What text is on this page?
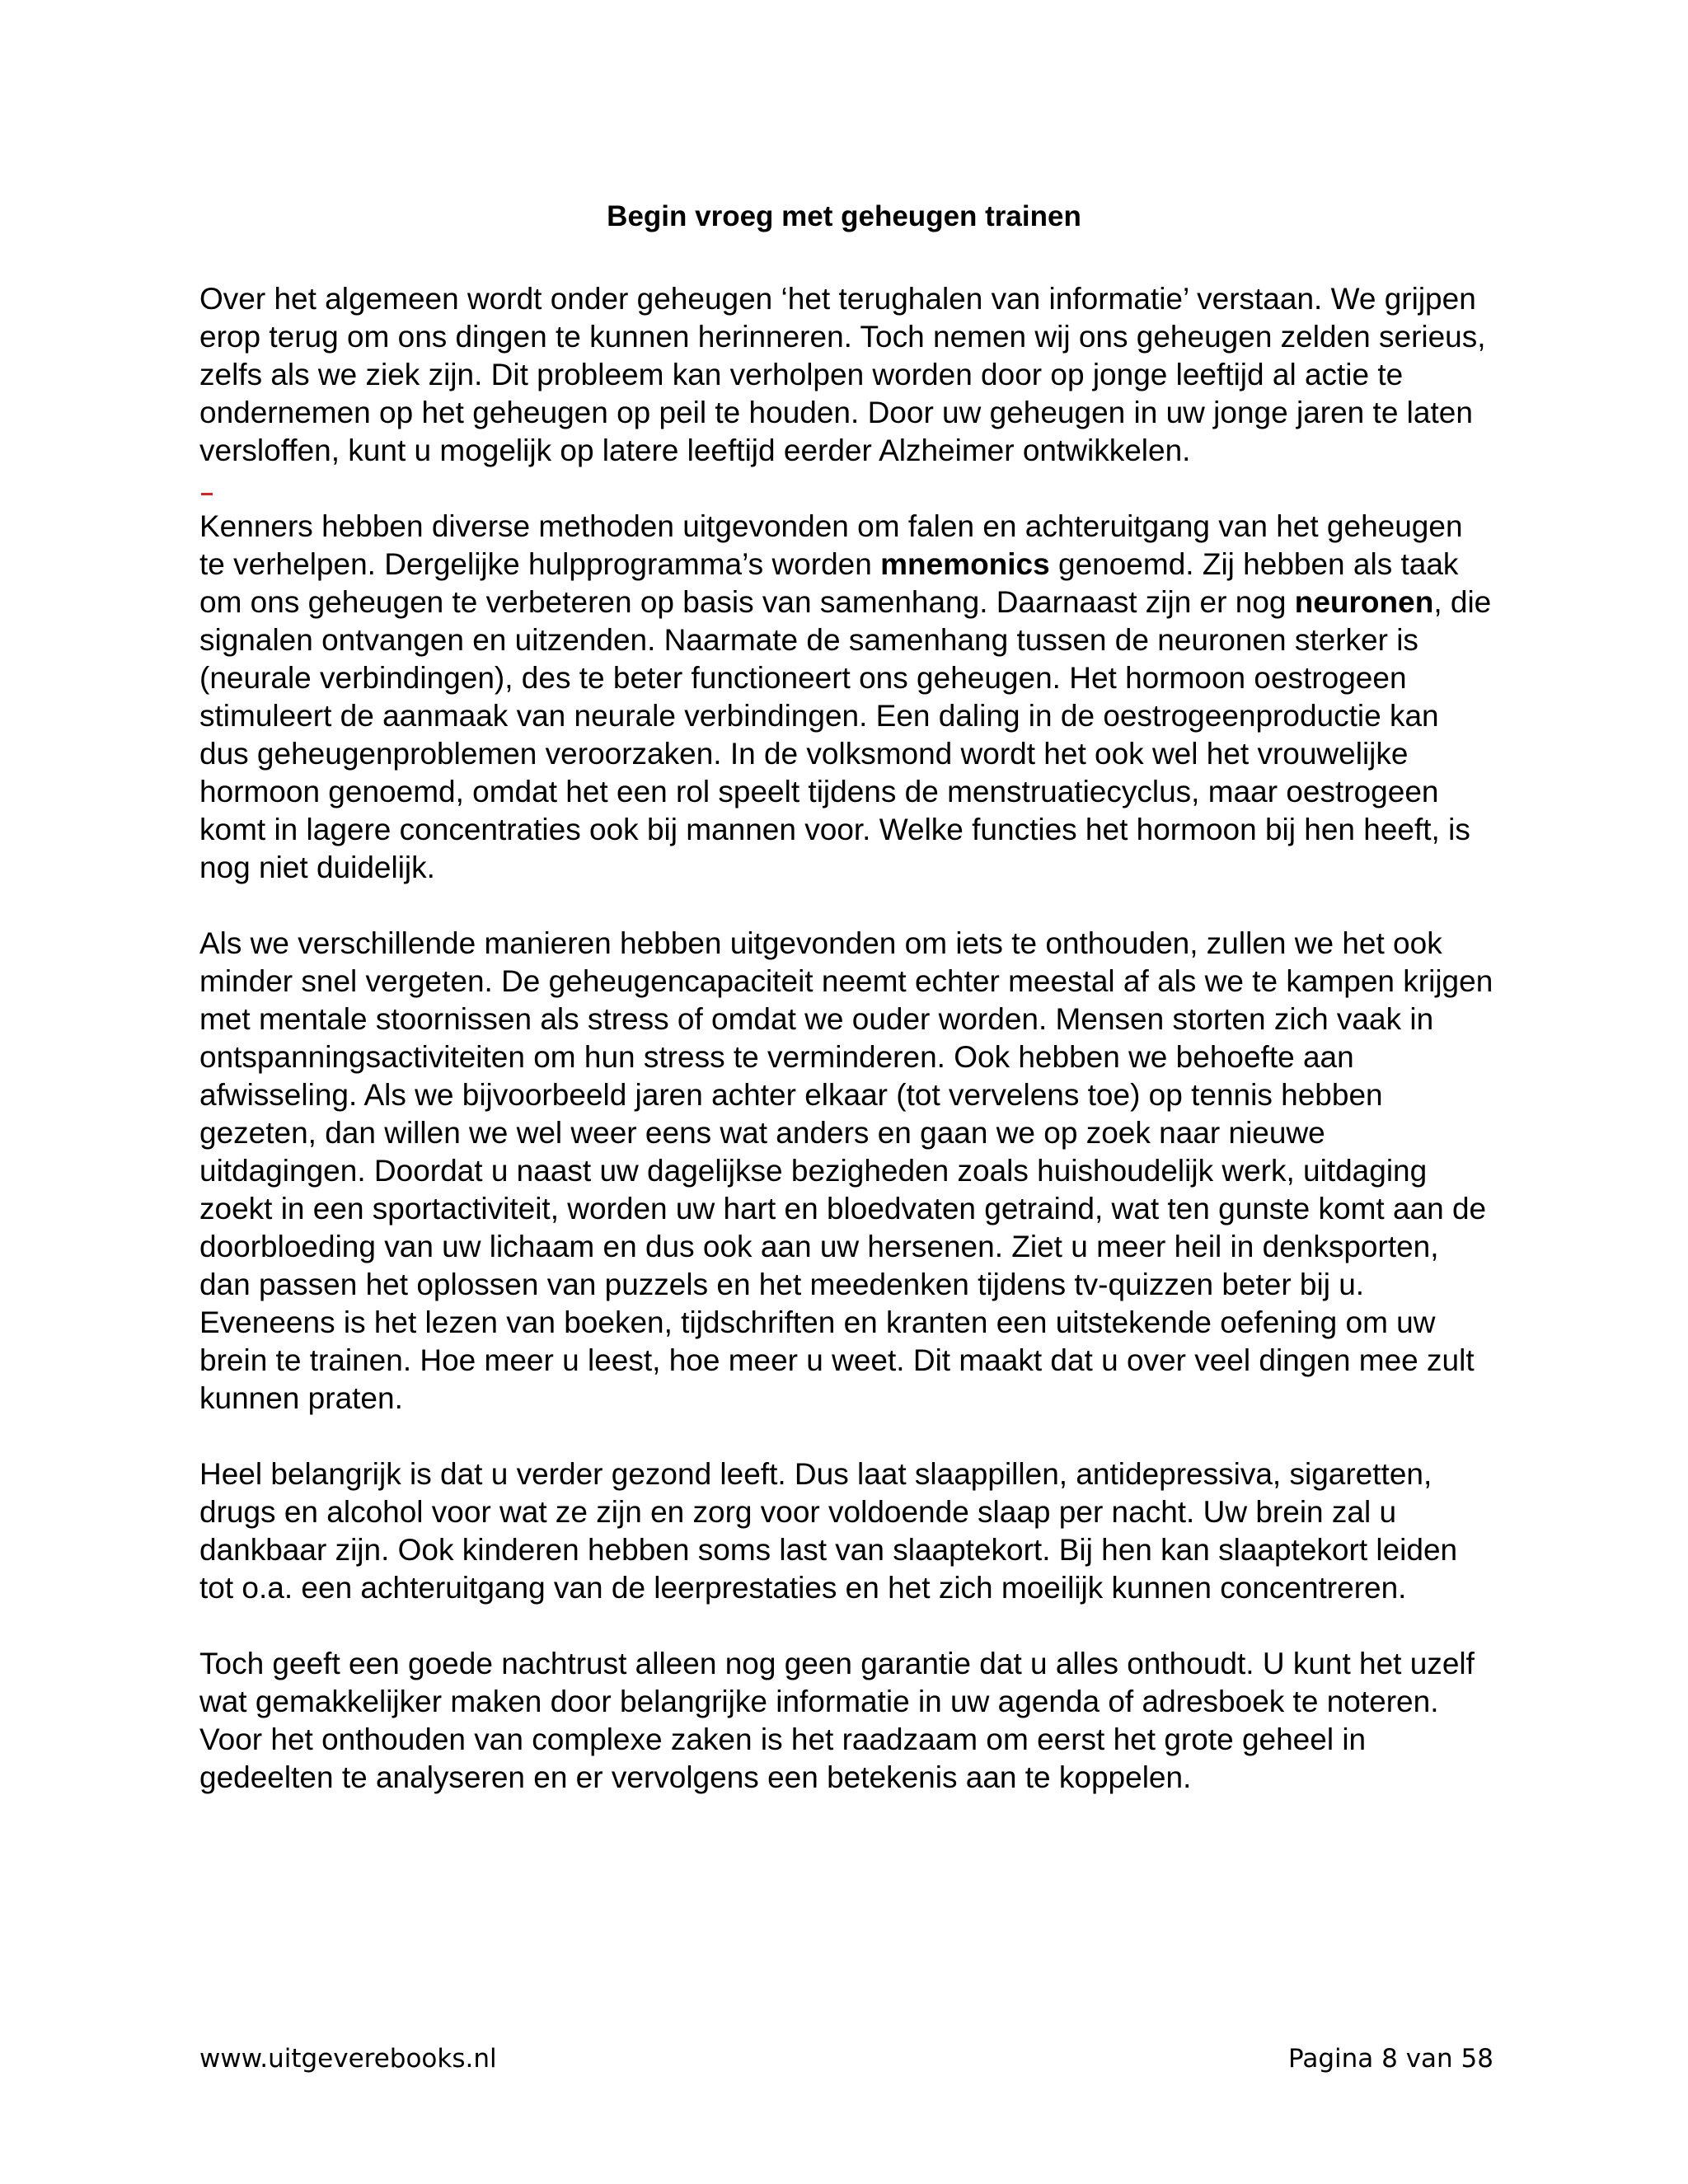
Begin vroeg met geheugen trainen

Over het algemeen wordt onder geheugen ‘het terughalen van informatie’ verstaan. We grijpen erop terug om ons dingen te kunnen herinneren. Toch nemen wij ons geheugen zelden serieus, zelfs als we ziek zijn. Dit probleem kan verholpen worden door op jonge leeftijd al actie te ondernemen op het geheugen op peil te houden. Door uw geheugen in uw jonge jaren te laten versloffen, kunt u mogelijk op latere leeftijd eerder Alzheimer ontwikkelen.

Kenners hebben diverse methoden uitgevonden om falen en achteruitgang van het geheugen te verhelpen. Dergelijke hulpprogramma’s worden mnemonics genoemd. Zij hebben als taak om ons geheugen te verbeteren op basis van samenhang. Daarnaast zijn er nog neuronen, die signalen ontvangen en uitzenden. Naarmate de samenhang tussen de neuronen sterker is (neurale verbindingen), des te beter functioneert ons geheugen. Het hormoon oestrogeen stimuleert de aanmaak van neurale verbindingen. Een daling in de oestrogeenproductie kan dus geheugenproblemen veroorzaken. In de volksmond wordt het ook wel het vrouwelijke hormoon genoemd, omdat het een rol speelt tijdens de menstruatiecyclus, maar oestrogeen komt in lagere concentraties ook bij mannen voor. Welke functies het hormoon bij hen heeft, is nog niet duidelijk.

Als we verschillende manieren hebben uitgevonden om iets te onthouden, zullen we het ook minder snel vergeten. De geheugencapaciteit neemt echter meestal af als we te kampen krijgen met mentale stoornissen als stress of omdat we ouder worden. Mensen storten zich vaak in ontspanningsactiviteiten om hun stress te verminderen. Ook hebben we behoefte aan afwisseling. Als we bijvoorbeeld jaren achter elkaar (tot vervelens toe) op tennis hebben gezeten, dan willen we wel weer eens wat anders en gaan we op zoek naar nieuwe uitdagingen. Doordat u naast uw dagelijkse bezigheden zoals huishoudelijk werk, uitdaging zoekt in een sportactiviteit, worden uw hart en bloedvaten getraind, wat ten gunste komt aan de doorbloeding van uw lichaam en dus ook aan uw hersenen. Ziet u meer heil in denksporten, dan passen het oplossen van puzzels en het meedenken tijdens tv-quizzen beter bij u. Eveneens is het lezen van boeken, tijdschriften en kranten een uitstekende oefening om uw brein te trainen. Hoe meer u leest, hoe meer u weet. Dit maakt dat u over veel dingen mee zult kunnen praten.

Heel belangrijk is dat u verder gezond leeft. Dus laat slaappillen, antidepressiva, sigaretten, drugs en alcohol voor wat ze zijn en zorg voor voldoende slaap per nacht. Uw brein zal u dankbaar zijn. Ook kinderen hebben soms last van slaaptekort. Bij hen kan slaaptekort leiden tot o.a. een achteruitgang van de leerprestaties en het zich moeilijk kunnen concentreren.

Toch geeft een goede nachtrust alleen nog geen garantie dat u alles onthoudt. U kunt het uzelf wat gemakkelijker maken door belangrijke informatie in uw agenda of adresboek te noteren. Voor het onthouden van complexe zaken is het raadzaam om eerst het grote geheel in gedeelten te analyseren en er vervolgens een betekenis aan te koppelen.

www.uitgeverebooks.nl	Pagina 8 van 58
